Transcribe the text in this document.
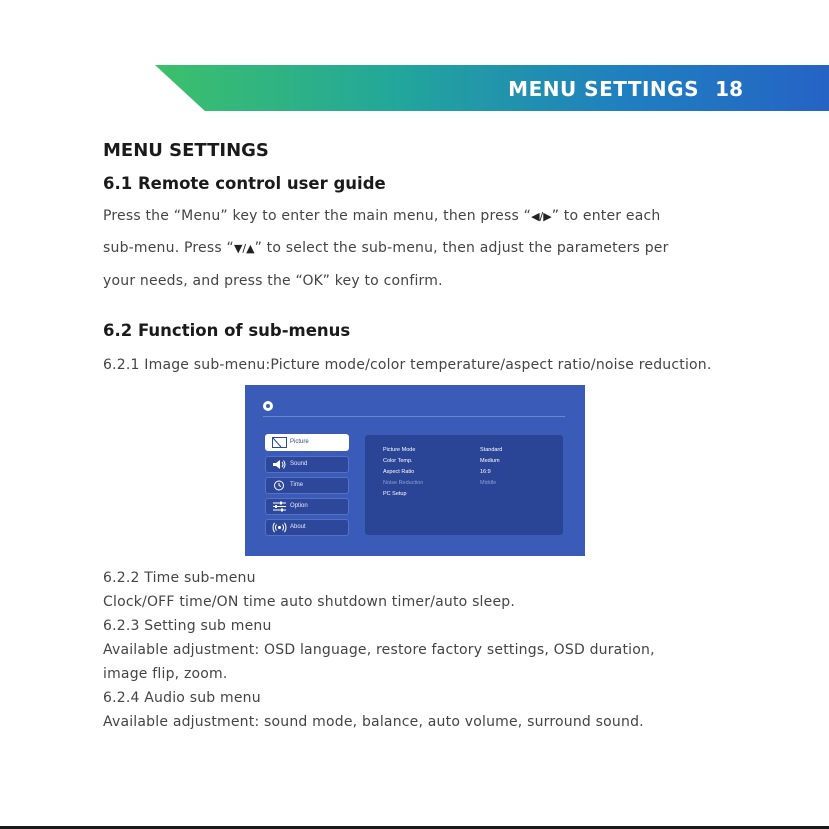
MENU SETTINGS 18
MENU SETTINGS
6.1 Remote control user guide
Press the “Menu” key to enter the main menu, then press “◀/▶” to enter each
sub-menu. Press “▼/▲” to select the sub-menu, then adjust the parameters per
your needs, and press the “OK” key to confirm.
6.2 Function of sub-menus
6.2.1 Image sub-menu:Picture mode/color temperature/aspect ratio/noise reduction.
Picture
Sound
Time
Option
About
Picture Mode	Standard
Color Temp.	Medium
Aspect Ratio	16:9
Noise Reduction	Middle
PC Setup
6.2.2 Time sub-menu
Clock/OFF time/ON time auto shutdown timer/auto sleep.
6.2.3 Setting sub menu
Available adjustment: OSD language, restore factory settings, OSD duration,
image flip, zoom.
6.2.4 Audio sub menu
Available adjustment: sound mode, balance, auto volume, surround sound.
